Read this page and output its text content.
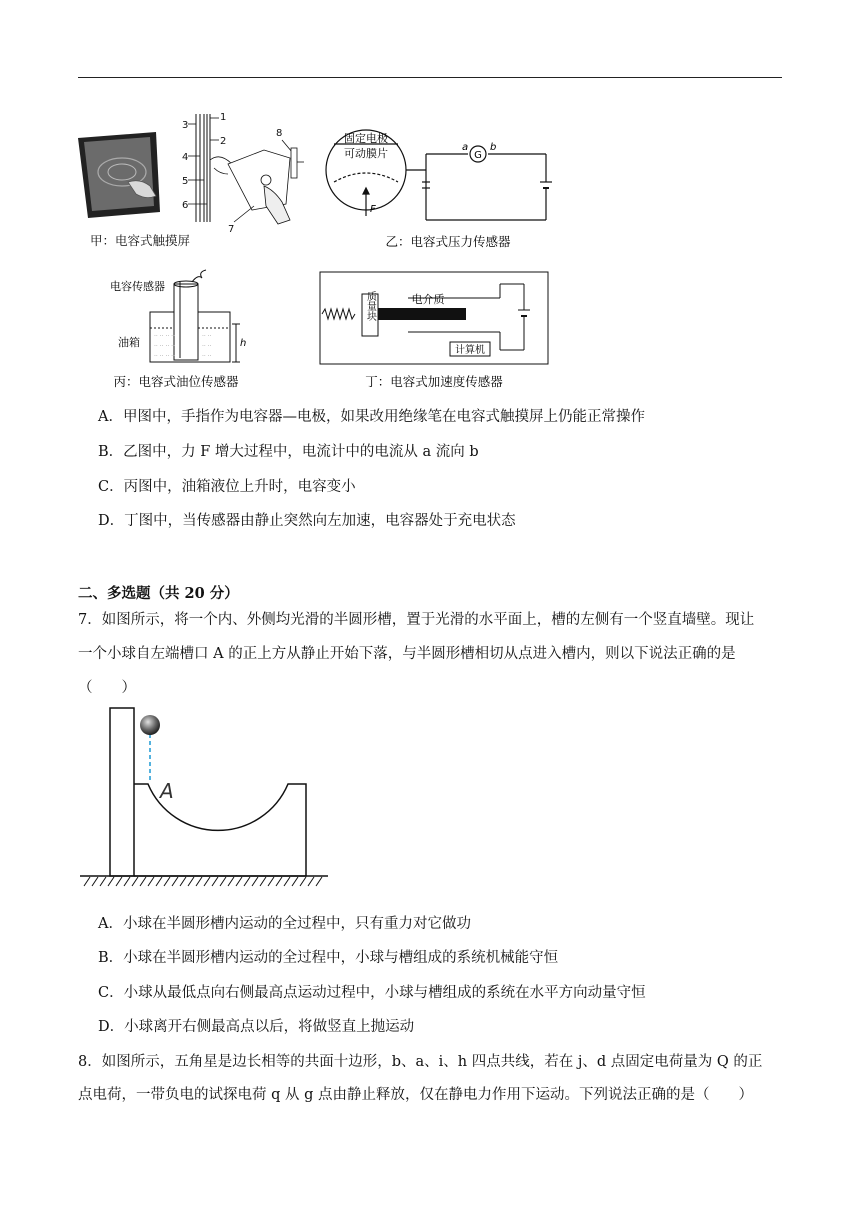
3
4
5
6
1
2
7
8
甲：电容式触摸屏
固定电极
可动膜片
F
G
a b
乙：电容式压力传感器
·· ·· ·· ··	·· ··
·· ·· ·· ··	·· ··
·· ·· ·· ··	·· ··
电容传感器
油箱	h
丙：电容式油位传感器
质量块	电介质
计算机
丁：电容式加速度传感器
A．甲图中，手指作为电容器—电极，如果改用绝缘笔在电容式触摸屏上仍能正常操作
B．乙图中，力 F 增大过程中，电流计中的电流从 a 流向 b
C．丙图中，油箱液位上升时，电容变小
D．丁图中，当传感器由静止突然向左加速，电容器处于充电状态
二、多选题（共 20 分）
7．如图所示，将一个内、外侧均光滑的半圆形槽，置于光滑的水平面上，槽的左侧有一个竖直墙壁。现让
一个小球自左端槽口 A 的正上方从静止开始下落，与半圆形槽相切从点进入槽内，则以下说法正确的是
（　　）
A
A．小球在半圆形槽内运动的全过程中，只有重力对它做功
B．小球在半圆形槽内运动的全过程中，小球与槽组成的系统机械能守恒
C．小球从最低点向右侧最高点运动过程中，小球与槽组成的系统在水平方向动量守恒
D．小球离开右侧最高点以后，将做竖直上抛运动
8．如图所示，五角星是边长相等的共面十边形，b、a、i、h 四点共线，若在 j、d 点固定电荷量为 Q 的正
点电荷，一带负电的试探电荷 q 从 g 点由静止释放，仅在静电力作用下运动。下列说法正确的是（　　）
